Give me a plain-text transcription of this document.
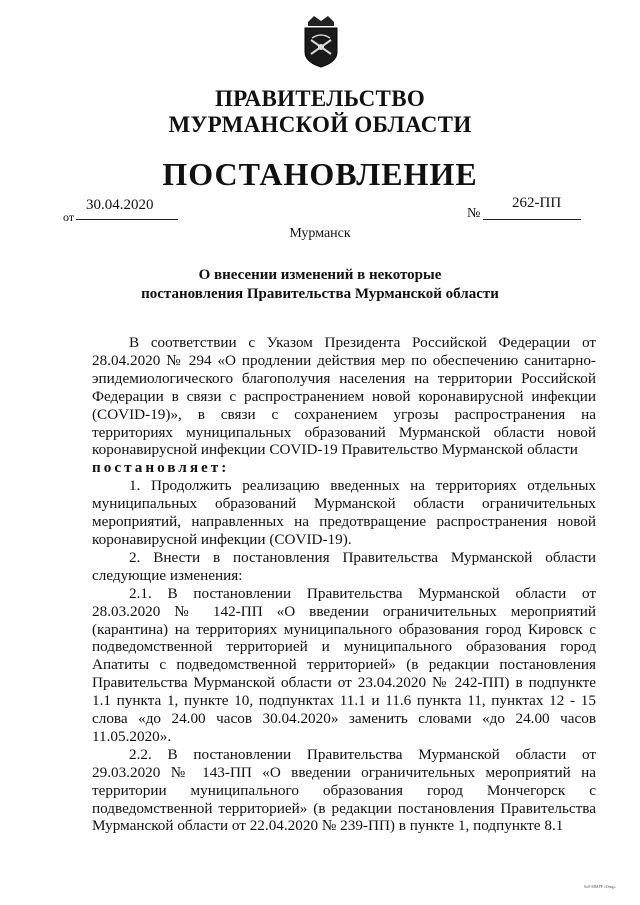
ПРАВИТЕЛЬСТВО
МУРМАНСКОЙ ОБЛАСТИ
ПОСТАНОВЛЕНИЕ
от
30.04.2020
№
262-ПП
Мурманск
О внесении изменений в некоторые
постановления Правительства Мурманской области

В соответствии с Указом Президента Российской Федерации от 28.04.2020 № 294 «О продлении действия мер по обеспечению санитарно-эпидемиологического благополучия населения на территории Российской Федерации в связи с распространением новой коронавирусной инфекции (COVID-19)», в связи с сохранением угрозы распространения на территориях муниципальных образований Мурманской области новой коронавирусной инфекции COVID-19 Правительство Мурманской области

постановляет:

1. Продолжить реализацию введенных на территориях отдельных муниципальных образований Мурманской области ограничительных мероприятий, направленных на предотвращение распространения новой коронавирусной инфекции (COVID-19).

2. Внести в постановления Правительства Мурманской области следующие изменения:

2.1. В постановлении Правительства Мурманской области от 28.03.2020 № 142-ПП «О введении ограничительных мероприятий (карантина) на территориях муниципального образования город Кировск с подведомственной территорией и муниципального образования город Апатиты с подведомственной территорией» (в редакции постановления Правительства Мурманской области от 23.04.2020 № 242-ПП) в подпункте 1.1 пункта 1, пункте 10, подпунктах 11.1 и 11.6 пункта 11, пунктах 12 - 15 слова «до 24.00 часов 30.04.2020» заменить словами «до 24.00 часов 11.05.2020».

2.2. В постановлении Правительства Мурманской области от 29.03.2020 № 143-ПП «О введении ограничительных мероприятий на территории муниципального образования город Мончегорск с подведомственной территорией» (в редакции постановления Правительства Мурманской области от 22.04.2020 № 239-ПП) в пункте 1, подпункте 8.1

0x0-MMPP «Omg»
